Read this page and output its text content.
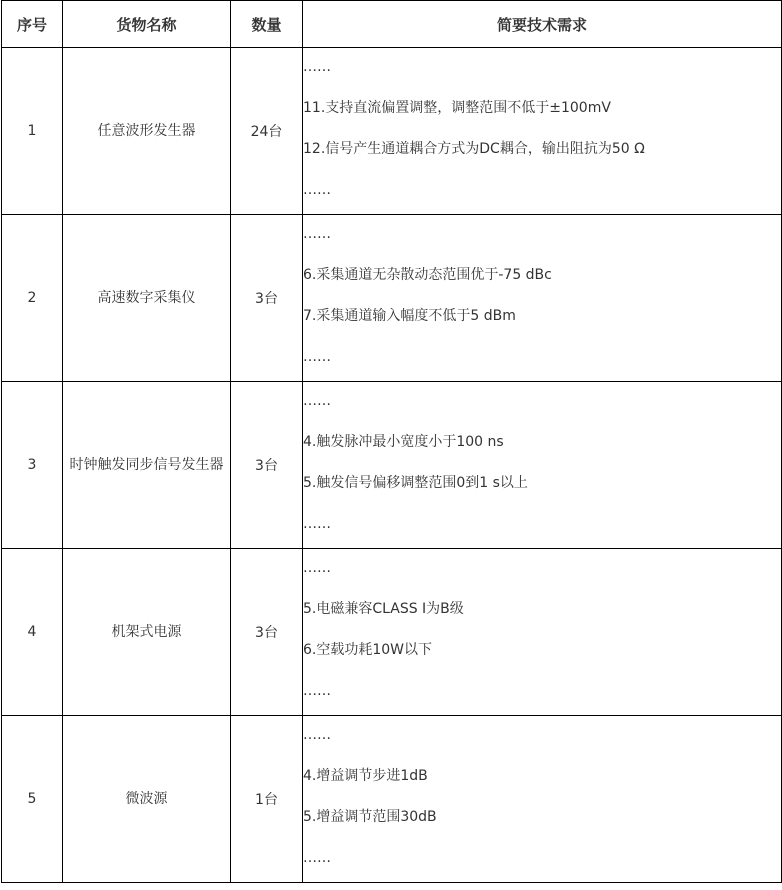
序号	货物名称	数量	简要技术需求
1	任意波形发生器	24台	……
11.支持直流偏置调整，调整范围不低于±100mV
12.信号产生通道耦合方式为DC耦合，输出阻抗为50 Ω
……

2	高速数字采集仪	3台	……
6.采集通道无杂散动态范围优于-75 dBc
7.采集通道输入幅度不低于5 dBm
……

3	时钟触发同步信号发生器	3台	……
4.触发脉冲最小宽度小于100 ns
5.触发信号偏移调整范围0到1 s以上
……

4	机架式电源	3台	……
5.电磁兼容CLASS I为B级
6.空载功耗10W以下
……

5	微波源	1台	……
4.增益调节步进1dB
5.增益调节范围30dB
……
